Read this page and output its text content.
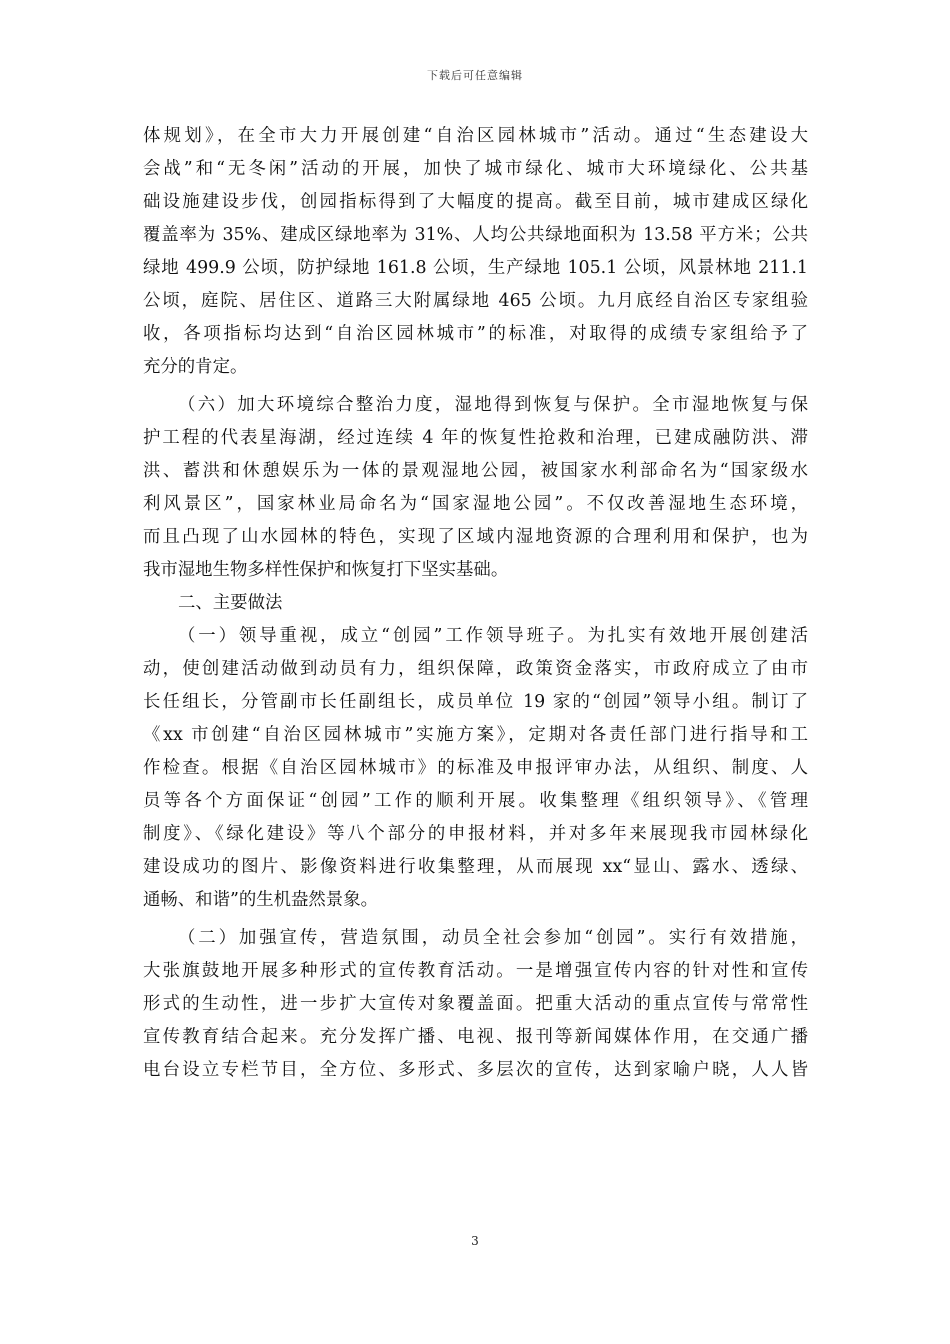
下载后可任意编辑
体规划》，在全市大力开展创建“自治区园林城市”活动。通过“生态建设大
会战”和“无冬闲”活动的开展，加快了城市绿化、城市大环境绿化、公共基
础设施建设步伐，创园指标得到了大幅度的提高。截至目前，城市建成区绿化
覆盖率为 35%、建成区绿地率为 31%、人均公共绿地面积为 13.58 平方米；公共
绿地 499.9 公顷，防护绿地 161.8 公顷，生产绿地 105.1 公顷，风景林地 211.1
公顷，庭院、居住区、道路三大附属绿地 465 公顷。九月底经自治区专家组验
收，各项指标均达到“自治区园林城市”的标准，对取得的成绩专家组给予了
充分的肯定。
（六）加大环境综合整治力度，湿地得到恢复与保护。全市湿地恢复与保
护工程的代表星海湖，经过连续 4 年的恢复性抢救和治理，已建成融防洪、滞
洪、蓄洪和休憩娱乐为一体的景观湿地公园，被国家水利部命名为“国家级水
利风景区”，国家林业局命名为“国家湿地公园”。不仅改善湿地生态环境，
而且凸现了山水园林的特色，实现了区域内湿地资源的合理利用和保护，也为
我市湿地生物多样性保护和恢复打下坚实基础。
二、主要做法
（一）领导重视，成立“创园”工作领导班子。为扎实有效地开展创建活
动，使创建活动做到动员有力，组织保障，政策资金落实，市政府成立了由市
长任组长，分管副市长任副组长，成员单位 19 家的“创园”领导小组。制订了
《xx 市创建“自治区园林城市”实施方案》，定期对各责任部门进行指导和工
作检查。根据《自治区园林城市》的标准及申报评审办法，从组织、制度、人
员等各个方面保证“创园”工作的顺利开展。收集整理《组织领导》、《管理
制度》、《绿化建设》等八个部分的申报材料，并对多年来展现我市园林绿化
建设成功的图片、影像资料进行收集整理，从而展现 xx“显山、露水、透绿、
通畅、和谐”的生机盎然景象。
（二）加强宣传，营造氛围，动员全社会参加“创园”。实行有效措施，
大张旗鼓地开展多种形式的宣传教育活动。一是增强宣传内容的针对性和宣传
形式的生动性，进一步扩大宣传对象覆盖面。把重大活动的重点宣传与常常性
宣传教育结合起来。充分发挥广播、电视、报刊等新闻媒体作用，在交通广播
电台设立专栏节目，全方位、多形式、多层次的宣传，达到家喻户晓，人人皆
3
